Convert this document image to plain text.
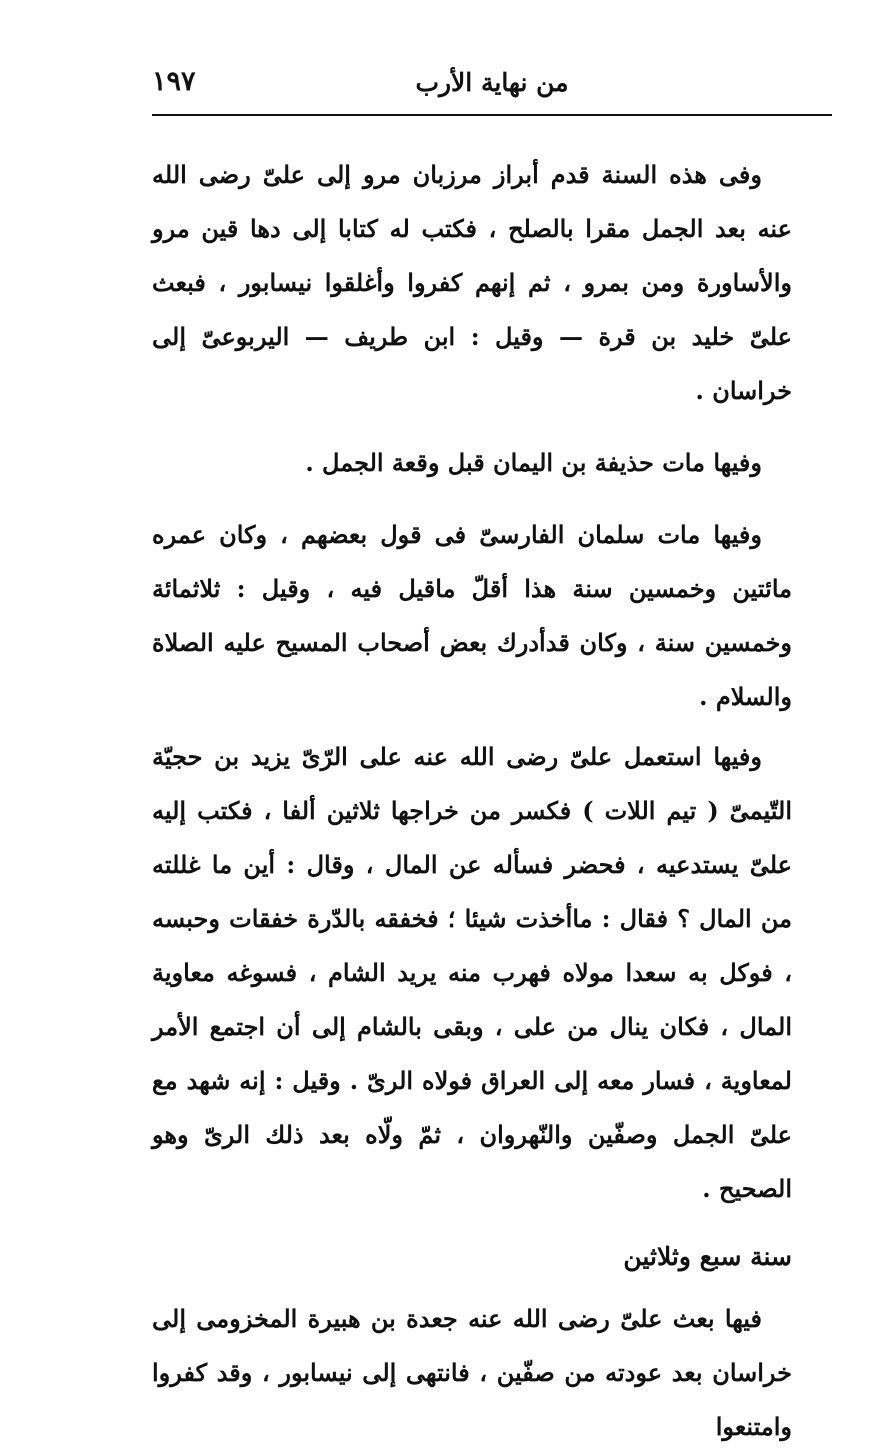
١٩٧	من نهاية الأرب

وفى هذه السنة قدم أبراز مرزبان مرو إلى علىّ رضى الله عنه بعد الجمل مقرا بالصلح ، فكتب له كتابا إلى دها قين مرو والأساورة ومن بمرو ، ثم إنهم كفروا وأغلقوا نيسابور ، فبعث علىّ خليد بن قرة — وقيل : ابن طريف — اليربوعىّ إلى خراسان .

وفيها مات حذيفة بن اليمان قبل وقعة الجمل .

وفيها مات سلمان الفارسىّ فى قول بعضهم ، وكان عمره مائتين وخمسين سنة هذا أقلّ ماقيل فيه ، وقيل : ثلاثمائة وخمسين سنة ، وكان قدأدرك بعض أصحاب المسيح عليه الصلاة والسلام .

وفيها استعمل علىّ رضى الله عنه على الرّىّ يزيد بن حجيّة التّيمىّ ( تيم اللات ) فكسر من خراجها ثلاثين ألفا ، فكتب إليه علىّ يستدعيه ، فحضر فسأله عن المال ، وقال : أين ما غللته من المال ؟ فقال : ماأخذت شيئا ؛ فخفقه بالدّرة خفقات وحبسه ، فوكل به سعدا مولاه فهرب منه يريد الشام ، فسوغه معاوية المال ، فكان ينال من على ، وبقى بالشام إلى أن اجتمع الأمر لمعاوية ، فسار معه إلى العراق فولاه الرىّ . وقيل : إنه شهد مع علىّ الجمل وصفّين والنّهروان ، ثمّ ولّاه بعد ذلك الرىّ وهو الصحيح .

سنة سبع وثلاثين

فيها بعث علىّ رضى الله عنه جعدة بن هبيرة المخزومى إلى خراسان بعد عودته من صفّين ، فانتهى إلى نيسابور ، وقد كفروا وامتنعوا
